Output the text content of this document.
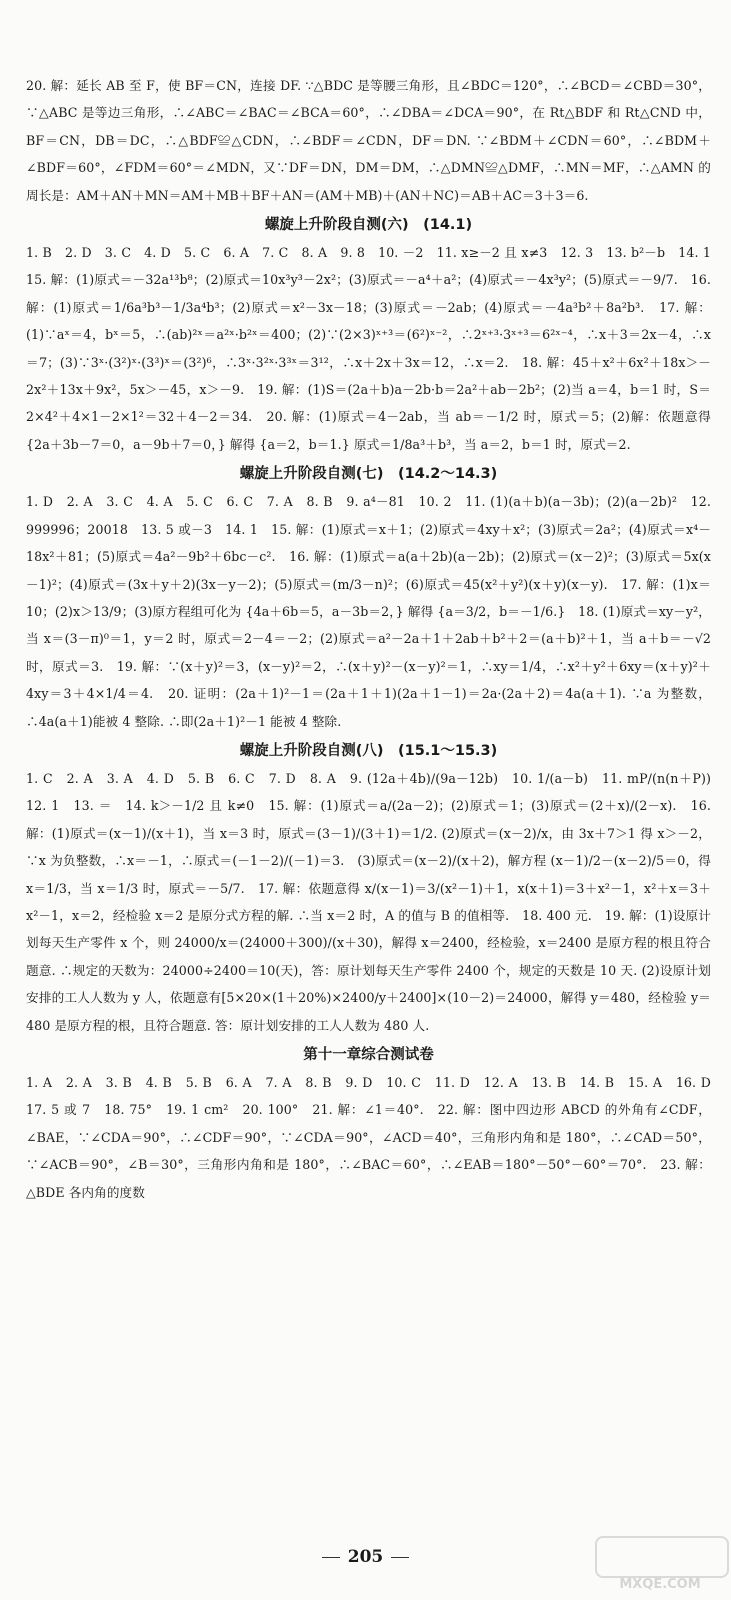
20. 解：延长 AB 至 F，使 BF＝CN，连接 DF. ∵△BDC 是等腰三角形，且∠BDC＝120°，∴∠BCD＝∠CBD＝30°，∵△ABC 是等边三角形，∴∠ABC＝∠BAC＝∠BCA＝60°，∴∠DBA＝∠DCA＝90°，在 Rt△BDF 和 Rt△CND 中，BF＝CN，DB＝DC，∴△BDF≌△CDN，∴∠BDF＝∠CDN，DF＝DN. ∵∠BDM＋∠CDN＝60°，∴∠BDM＋∠BDF＝60°，∠FDM＝60°＝∠MDN，又∵DF＝DN，DM＝DM，∴△DMN≌△DMF，∴MN＝MF，∴△AMN 的周长是：AM＋AN＋MN＝AM＋MB＋BF＋AN＝(AM＋MB)＋(AN＋NC)＝AB＋AC＝3＋3＝6.

螺旋上升阶段自测(六)　(14.1)

1. B　2. D　3. C　4. D　5. C　6. A　7. C　8. A　9. 8　10. －2　11. x≥－2 且 x≠3　12. 3　13. b²－b　14. 1　15. 解：(1)原式＝－32a¹³b⁸；(2)原式＝10x³y³－2x²；(3)原式＝－a⁴＋a²；(4)原式＝－4x³y²；(5)原式＝－9/7.　16. 解：(1)原式＝1/6a³b³－1/3a⁴b³；(2)原式＝x²－3x－18；(3)原式＝－2ab；(4)原式＝－4a³b²＋8a²b³.　17. 解：(1)∵aˣ＝4，bˣ＝5，∴(ab)²ˣ＝a²ˣ·b²ˣ＝400；(2)∵(2×3)ˣ⁺³＝(6²)ˣ⁻²，∴2ˣ⁺³·3ˣ⁺³＝6²ˣ⁻⁴，∴x＋3＝2x－4，∴x＝7；(3)∵3ˣ·(3²)ˣ·(3³)ˣ＝(3²)⁶，∴3ˣ·3²ˣ·3³ˣ＝3¹²，∴x＋2x＋3x＝12，∴x＝2.　18. 解：45＋x²＋6x²＋18x＞－2x²＋13x＋9x²，5x＞－45，x＞－9.　19. 解：(1)S＝(2a＋b)a－2b·b＝2a²＋ab－2b²；(2)当 a＝4，b＝1 时，S＝2×4²＋4×1－2×1²＝32＋4－2＝34.　20. 解：(1)原式＝4－2ab，当 ab＝－1/2 时，原式＝5；(2)解：依题意得 {2a＋3b－7＝0，a－9b＋7＝0，} 解得 {a＝2，b＝1.} 原式＝1/8a³＋b³，当 a＝2，b＝1 时，原式＝2.

螺旋上升阶段自测(七)　(14.2～14.3)

1. D　2. A　3. C　4. A　5. C　6. C　7. A　8. B　9. a⁴－81　10. 2　11. (1)(a＋b)(a－3b)；(2)(a－2b)²　12. 999996；20018　13. 5 或－3　14. 1　15. 解：(1)原式＝x＋1；(2)原式＝4xy＋x²；(3)原式＝2a²；(4)原式＝x⁴－18x²＋81；(5)原式＝4a²－9b²＋6bc－c².　16. 解：(1)原式＝a(a＋2b)(a－2b)；(2)原式＝(x－2)²；(3)原式＝5x(x－1)²；(4)原式＝(3x＋y＋2)(3x－y－2)；(5)原式＝(m/3－n)²；(6)原式＝45(x²＋y²)(x＋y)(x－y).　17. 解：(1)x＝10；(2)x＞13/9；(3)原方程组可化为 {4a＋6b＝5，a－3b＝2，} 解得 {a＝3/2，b＝－1/6.}　18. (1)原式＝xy－y²，当 x＝(3－π)⁰＝1，y＝2 时，原式＝2－4＝－2；(2)原式＝a²－2a＋1＋2ab＋b²＋2＝(a＋b)²＋1，当 a＋b＝－√2 时，原式＝3.　19. 解：∵(x＋y)²＝3，(x－y)²＝2，∴(x＋y)²－(x－y)²＝1，∴xy＝1/4，∴x²＋y²＋6xy＝(x＋y)²＋4xy＝3＋4×1/4＝4.　20. 证明：(2a＋1)²－1＝(2a＋1＋1)(2a＋1－1)＝2a·(2a＋2)＝4a(a＋1). ∵a 为整数，∴4a(a＋1)能被 4 整除. ∴即(2a＋1)²－1 能被 4 整除.

螺旋上升阶段自测(八)　(15.1～15.3)

1. C　2. A　3. A　4. D　5. B　6. C　7. D　8. A　9. (12a＋4b)/(9a－12b)　10. 1/(a－b)　11. mP/(n(n＋P))　12. 1　13. ＝　14. k＞－1/2 且 k≠0　15. 解：(1)原式＝a/(2a－2)；(2)原式＝1；(3)原式＝(2＋x)/(2－x).　16. 解：(1)原式＝(x－1)/(x＋1)，当 x＝3 时，原式＝(3－1)/(3＋1)＝1/2. (2)原式＝(x－2)/x，由 3x＋7＞1 得 x＞－2，∵x 为负整数，∴x＝－1，∴原式＝(－1－2)/(－1)＝3.　(3)原式＝(x－2)/(x＋2)，解方程 (x－1)/2－(x－2)/5＝0，得 x＝1/3，当 x＝1/3 时，原式＝－5/7.　17. 解：依题意得 x/(x－1)＝3/(x²－1)＋1，x(x＋1)＝3＋x²－1，x²＋x＝3＋x²－1，x＝2，经检验 x＝2 是原分式方程的解. ∴当 x＝2 时，A 的值与 B 的值相等.　18. 400 元.　19. 解：(1)设原计划每天生产零件 x 个，则 24000/x＝(24000＋300)/(x＋30)，解得 x＝2400，经检验，x＝2400 是原方程的根且符合题意. ∴规定的天数为：24000÷2400＝10(天)，答：原计划每天生产零件 2400 个，规定的天数是 10 天. (2)设原计划安排的工人人数为 y 人，依题意有[5×20×(1＋20%)×2400/y＋2400]×(10－2)＝24000，解得 y＝480，经检验 y＝480 是原方程的根，且符合题意. 答：原计划安排的工人人数为 480 人.

第十一章综合测试卷

1. A　2. A　3. B　4. B　5. B　6. A　7. A　8. B　9. D　10. C　11. D　12. A　13. B　14. B　15. A　16. D　17. 5 或 7　18. 75°　19. 1 cm²　20. 100°　21. 解：∠1＝40°.　22. 解：图中四边形 ABCD 的外角有∠CDF，∠BAE，∵∠CDA＝90°，∴∠CDF＝90°，∵∠CDA＝90°，∠ACD＝40°，三角形内角和是 180°，∴∠CAD＝50°，∵∠ACB＝90°，∠B＝30°，三角形内角和是 180°，∴∠BAC＝60°，∴∠EAB＝180°－50°－60°＝70°.　23. 解：△BDE 各内角的度数

205
MXQE.COM
